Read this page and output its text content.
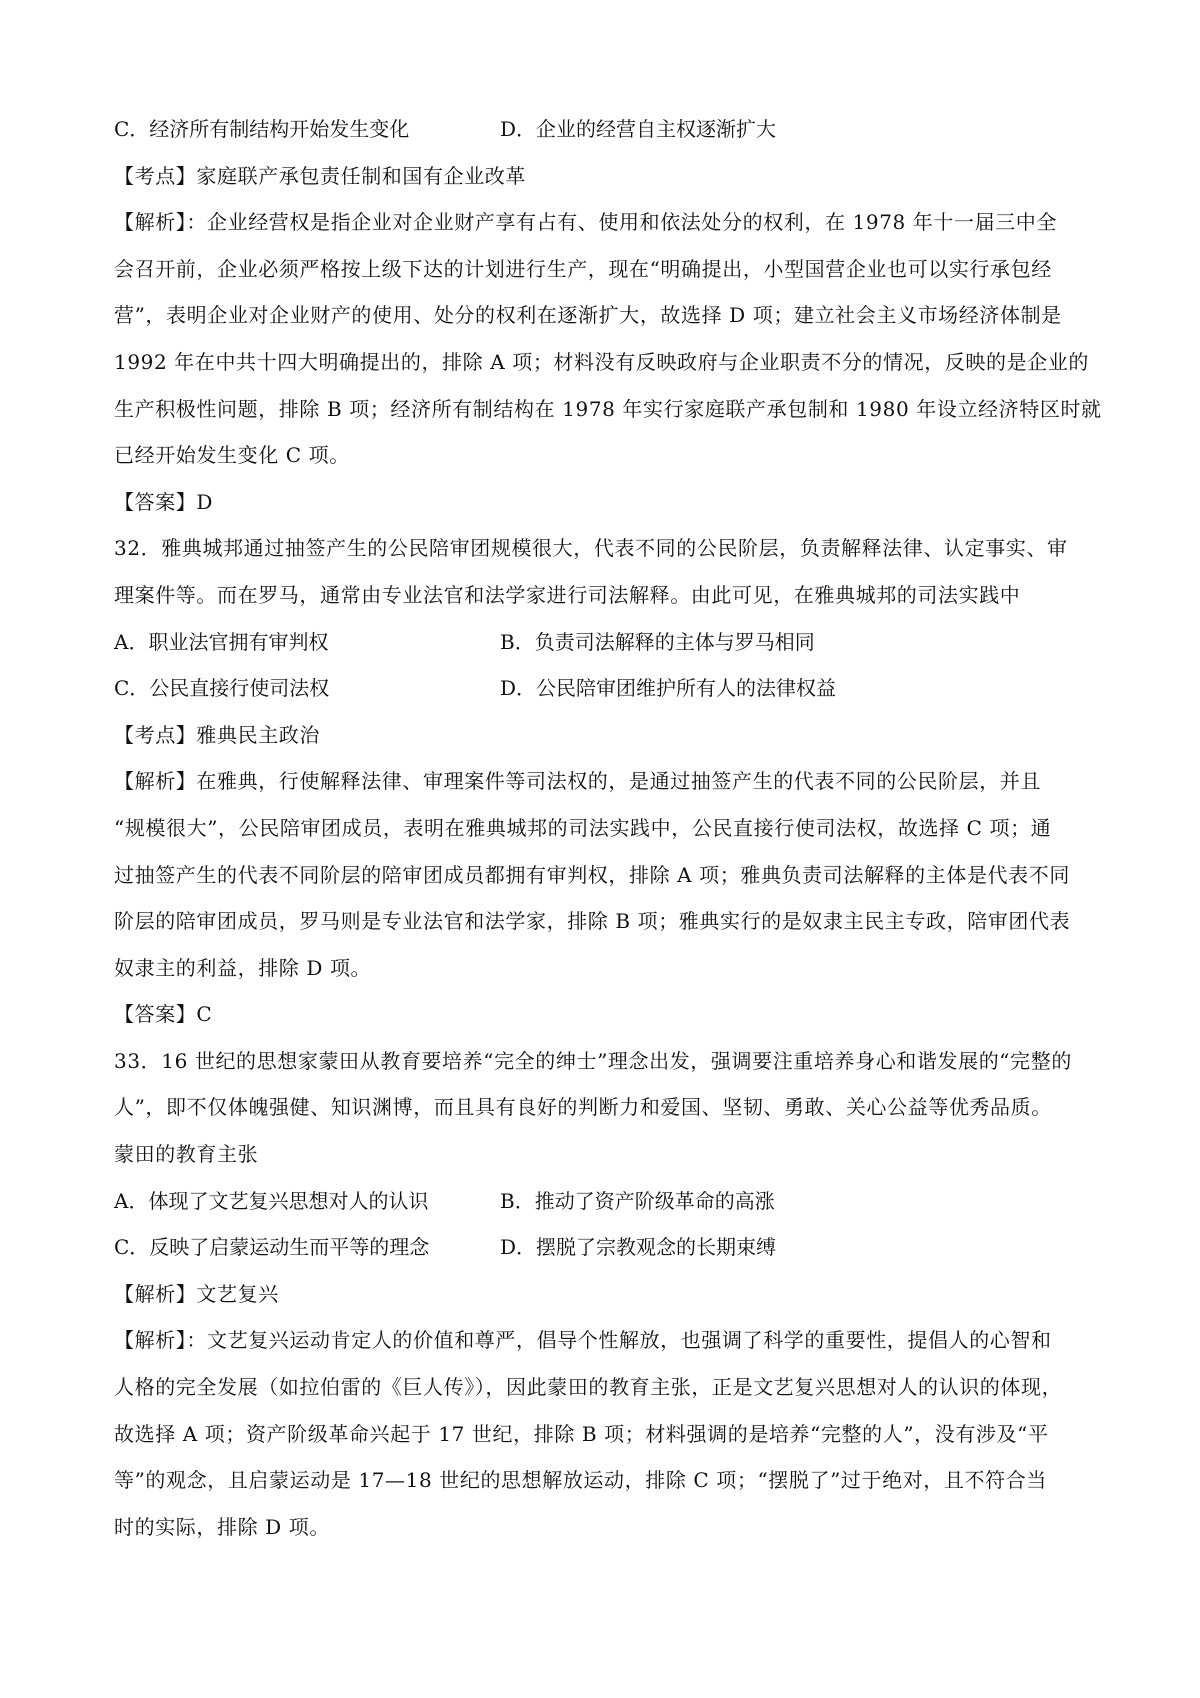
C．经济所有制结构开始发生变化	D．企业的经营自主权逐渐扩大
【考点】家庭联产承包责任制和国有企业改革
【解析】：企业经营权是指企业对企业财产享有占有、使用和依法处分的权利，在 1978 年十一届三中全
会召开前，企业必须严格按上级下达的计划进行生产，现在“明确提出，小型国营企业也可以实行承包经
营”，表明企业对企业财产的使用、处分的权利在逐渐扩大，故选择 D 项；建立社会主义市场经济体制是
1992 年在中共十四大明确提出的，排除 A 项；材料没有反映政府与企业职责不分的情况，反映的是企业的
生产积极性问题，排除 B 项；经济所有制结构在 1978 年实行家庭联产承包制和 1980 年设立经济特区时就
已经开始发生变化 C 项。
【答案】D
32．雅典城邦通过抽签产生的公民陪审团规模很大，代表不同的公民阶层，负责解释法律、认定事实、审
理案件等。而在罗马，通常由专业法官和法学家进行司法解释。由此可见，在雅典城邦的司法实践中
A．职业法官拥有审判权	B．负责司法解释的主体与罗马相同
C．公民直接行使司法权	D．公民陪审团维护所有人的法律权益
【考点】雅典民主政治
【解析】在雅典，行使解释法律、审理案件等司法权的，是通过抽签产生的代表不同的公民阶层，并且
“规模很大”，公民陪审团成员，表明在雅典城邦的司法实践中，公民直接行使司法权，故选择 C 项；通
过抽签产生的代表不同阶层的陪审团成员都拥有审判权，排除 A 项；雅典负责司法解释的主体是代表不同
阶层的陪审团成员，罗马则是专业法官和法学家，排除 B 项；雅典实行的是奴隶主民主专政，陪审团代表
奴隶主的利益，排除 D 项。
【答案】C
33．16 世纪的思想家蒙田从教育要培养“完全的绅士”理念出发，强调要注重培养身心和谐发展的“完整的
人”，即不仅体魄强健、知识渊博，而且具有良好的判断力和爱国、坚韧、勇敢、关心公益等优秀品质。
蒙田的教育主张
A．体现了文艺复兴思想对人的认识	B．推动了资产阶级革命的高涨
C．反映了启蒙运动生而平等的理念	D．摆脱了宗教观念的长期束缚
【解析】文艺复兴
【解析】：文艺复兴运动肯定人的价值和尊严，倡导个性解放，也强调了科学的重要性，提倡人的心智和
人格的完全发展（如拉伯雷的《巨人传》），因此蒙田的教育主张，正是文艺复兴思想对人的认识的体现，
故选择 A 项；资产阶级革命兴起于 17 世纪，排除 B 项；材料强调的是培养“完整的人”，没有涉及“平
等”的观念，且启蒙运动是 17—18 世纪的思想解放运动，排除 C 项；“摆脱了”过于绝对，且不符合当
时的实际，排除 D 项。
